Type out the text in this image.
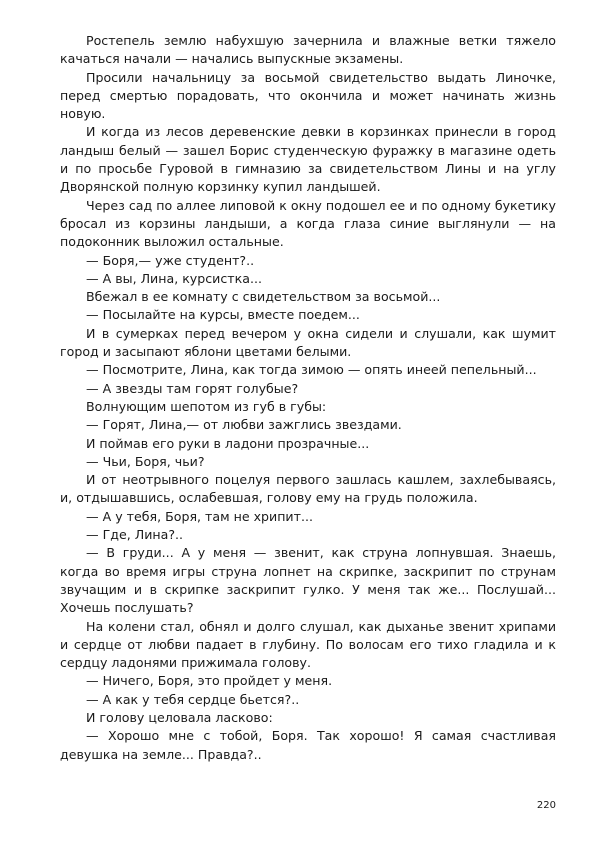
Ростепель землю набухшую зачернила и влажные ветки тяжело качаться начали — начались выпускные экзамены.

Просили начальницу за восьмой свидетельство выдать Линочке, перед смертью порадовать, что окончила и может начинать жизнь новую.

И когда из лесов деревенские девки в корзинках принесли в город ландыш белый — зашел Борис студенческую фуражку в магазине одеть и по просьбе Гуровой в гимназию за свидетельством Лины и на углу Дворянской полную корзинку купил ландышей.

Через сад по аллее липовой к окну подошел ее и по одному букетику бросал из корзины ландыши, а когда глаза синие выглянули — на подоконник выложил остальные.

— Боря,— уже студент?..

— А вы, Лина, курсистка...

Вбежал в ее комнату с свидетельством за восьмой...

— Посылайте на курсы, вместе поедем...

И в сумерках перед вечером у окна сидели и слушали, как шумит город и засыпают яблони цветами белыми.

— Посмотрите, Лина, как тогда зимою — опять инеей пепельный...

— А звезды там горят голубые?

Волнующим шепотом из губ в губы:

— Горят, Лина,— от любви зажглись звездами.

И поймав его руки в ладони прозрачные...

— Чьи, Боря, чьи?

И от неотрывного поцелуя первого зашлась кашлем, захлебываясь, и, отдышавшись, ослабевшая, голову ему на грудь положила.

— А у тебя, Боря, там не хрипит...

— Где, Лина?..

— В груди... А у меня — звенит, как струна лопнувшая. Знаешь, когда во время игры струна лопнет на скрипке, заскрипит по струнам звучащим и в скрипке заскрипит гулко. У меня так же... Послушай... Хочешь послушать?

На колени стал, обнял и долго слушал, как дыханье звенит хрипами и сердце от любви падает в глубину. По волосам его тихо гладила и к сердцу ладонями прижимала голову.

— Ничего, Боря, это пройдет у меня.

— А как у тебя сердце бьется?..

И голову целовала ласково:

— Хорошо мне с тобой, Боря. Так хорошо! Я самая счастливая девушка на земле... Правда?..

220
